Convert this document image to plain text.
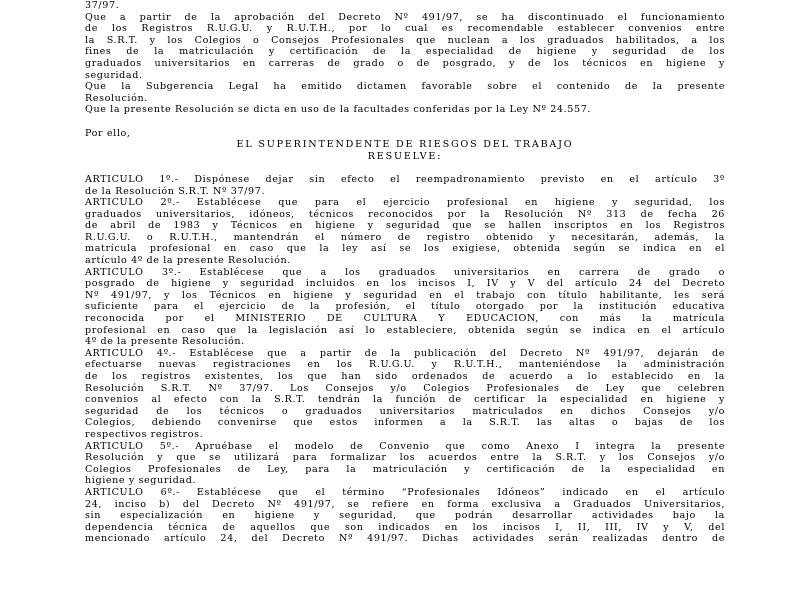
37/97.

Que a partir de la aprobación del Decreto Nº 491/97, se ha discontinuado el funcionamiento

de los Registros R.U.G.U. y R.U.T.H., por lo cual es recomendable establecer convenios entre

la S.R.T. y los Colegios o Consejos Profesionales que nuclean a los graduados habilitados, a los

fines de la matriculación y certificación de la especialidad de higiene y seguridad de los

graduados universitarios en carreras de grado o de posgrado, y de los técnicos en higiene y

seguridad.

Que la Subgerencia Legal ha emitido dictamen favorable sobre el contenido de la presente

Resolución.

Que la presente Resolución se dicta en uso de la facultades conferidas por la Ley Nº 24.557.

Por ello,

EL SUPERINTENDENTE DE RIESGOS DEL TRABAJO

RESUELVE:

ARTICULO 1º.- Dispónese dejar sin efecto el reempadronamiento previsto en el artículo 3º

de la Resolución S.R.T. Nº 37/97.

ARTICULO 2º.- Establécese que para el ejercicio profesional en higiene y seguridad, los

graduados universitarios, idóneos, técnicos reconocidos por la Resolución Nº 313 de fecha 26

de abril de 1983 y Técnicos en higiene y seguridad que se hallen inscriptos en los Registros

R.U.G.U. o R.U.T.H., mantendrán el número de registro obtenido y necesitarán, además, la

matrícula profesional en caso que la ley así se los exigiese, obtenida según se indica en el

artículo 4º de la presente Resolución.

ARTICULO 3º.- Establécese que a los graduados universitarios en carrera de grado o

posgrado de higiene y seguridad incluidos en los incisos I, IV y V del artículo 24 del Decreto

Nº 491/97, y los Técnicos en higiene y seguridad en el trabajo con título habilitante, les será

suficiente para el ejercicio de la profesión, el título otorgado por la institución educativa

reconocida por el MINISTERIO DE CULTURA Y EDUCACION, con más la matrícula

profesional en caso que la legislación así lo estableciere, obtenida según se indica en el artículo

4º de la presente Resolución.

ARTICULO 4º.- Establécese que a partir de la publicación del Decreto Nº 491/97, dejarán de

efectuarse nuevas registraciones en los R.U.G.U. y R.U.T.H., manteniéndose la administración

de los registros existentes, los que han sido ordenados de acuerdo a lo establecido en la

Resolución S.R.T. Nº 37/97. Los Consejos y/o Colegios Profesionales de Ley que celebren

convenios al efecto con la S.R.T. tendrán la función de certificar la especialidad en higiene y

seguridad de los técnicos o graduados universitarios matriculados en dichos Consejos y/o

Colegios, debiendo convenirse que estos informen a la S.R.T. las altas o bajas de los

respectivos registros.

ARTICULO 5º.- Apruébase el modelo de Convenio que como Anexo I integra la presente

Resolución y que se utilizará para formalizar los acuerdos entre la S.R.T. y los Consejos y/o

Colegios Profesionales de Ley, para la matriculación y certificación de la especialidad en

higiene y seguridad.

ARTICULO 6º.- Establécese que el término “Profesionales Idóneos” indicado en el artículo

24, inciso b) del Decreto Nº 491/97, se refiere en forma exclusiva a Graduados Universitarios,

sin especialización en higiene y seguridad, que podrán desarrollar actividades bajo la

dependencia técnica de aquellos que son indicados en los incisos I, II, III, IV y V, del

mencionado artículo 24, del Decreto Nº 491/97. Dichas actividades serán realizadas dentro de
